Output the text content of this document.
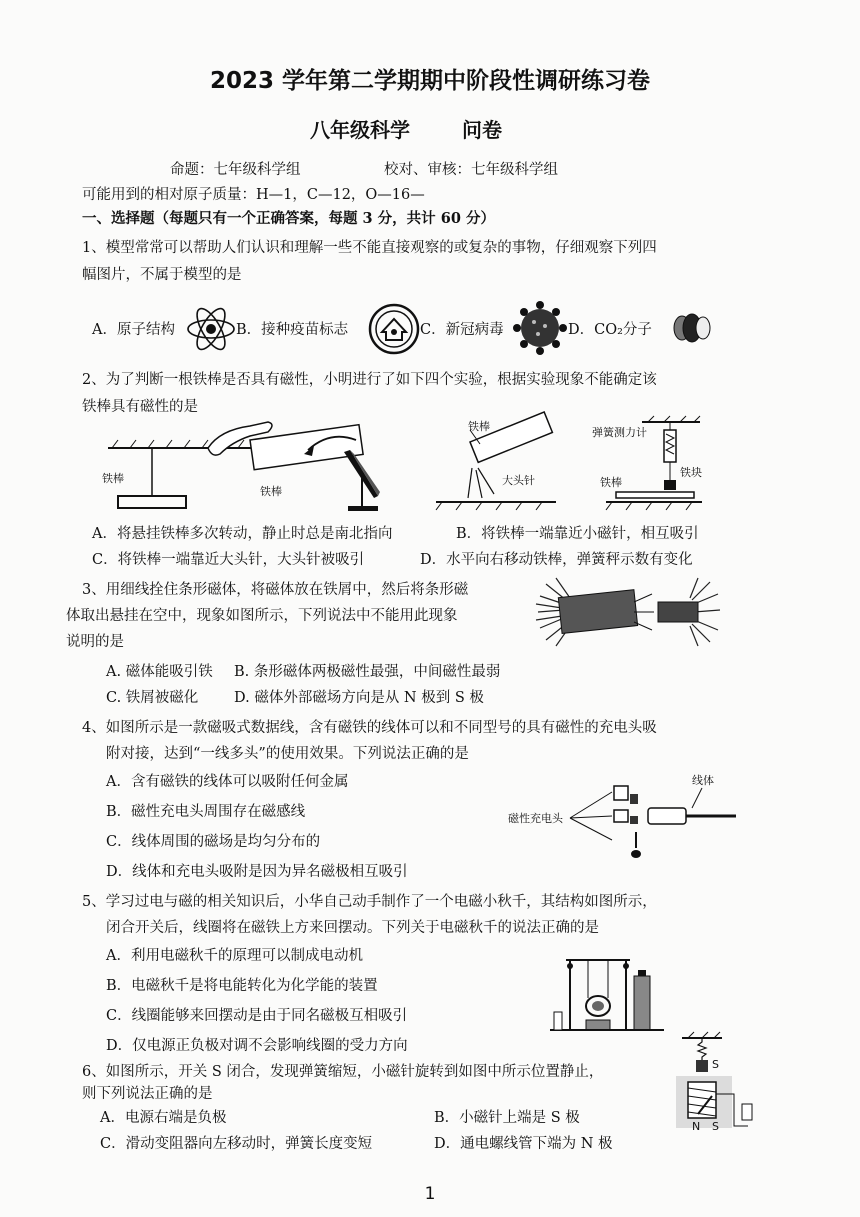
2023 学年第二学期期中阶段性调研练习卷
八年级科学	问卷
命题：七年级科学组	校对、审核：七年级科学组
可能用到的相对原子质量：H—1，C—12，O—16—
一、选择题（每题只有一个正确答案，每题 3 分，共计 60 分）
1、模型常常可以帮助人们认识和理解一些不能直接观察的或复杂的事物，仔细观察下列四
幅图片，不属于模型的是
A．原子结构	B．接种疫苗标志	C．新冠病毒	D．CO₂分子
2、为了判断一根铁棒是否具有磁性，小明进行了如下四个实验，根据实验现象不能确定该
铁棒具有磁性的是
铁棒
铁棒
铁棒
大头针
弹簧测力计
铁块
铁棒
A．将悬挂铁棒多次转动，静止时总是南北指向	B．将铁棒一端靠近小磁针，相互吸引
C．将铁棒一端靠近大头针，大头针被吸引	D．水平向右移动铁棒，弹簧秤示数有变化
3、用细线拴住条形磁体，将磁体放在铁屑中，然后将条形磁
体取出悬挂在空中，现象如图所示，下列说法中不能用此现象
说明的是
A. 磁体能吸引铁 B. 条形磁体两极磁性最强，中间磁性最弱
C. 铁屑被磁化 D. 磁体外部磁场方向是从 N 极到 S 极
4、如图所示是一款磁吸式数据线，含有磁铁的线体可以和不同型号的具有磁性的充电头吸
附对接，达到“一线多头”的使用效果。下列说法正确的是
A．含有磁铁的线体可以吸附任何金属
B．磁性充电头周围存在磁感线
C．线体周围的磁场是均匀分布的
D．线体和充电头吸附是因为异名磁极相互吸引
磁性充电头
线体
5、学习过电与磁的相关知识后，小华自己动手制作了一个电磁小秋千，其结构如图所示，
闭合开关后，线圈将在磁铁上方来回摆动。下列关于电磁秋千的说法正确的是
A．利用电磁秋千的原理可以制成电动机
B．电磁秋千是将电能转化为化学能的装置
C．线圈能够来回摆动是由于同名磁极互相吸引
D．仅电源正负极对调不会影响线圈的受力方向
6、如图所示，开关 S 闭合，发现弹簧缩短，小磁针旋转到如图中所示位置静止，
则下列说法正确的是
A．电源右端是负极	B．小磁针上端是 S 极
C．滑动变阻器向左移动时，弹簧长度变短	D．通电螺线管下端为 N 极
S
N S
1
